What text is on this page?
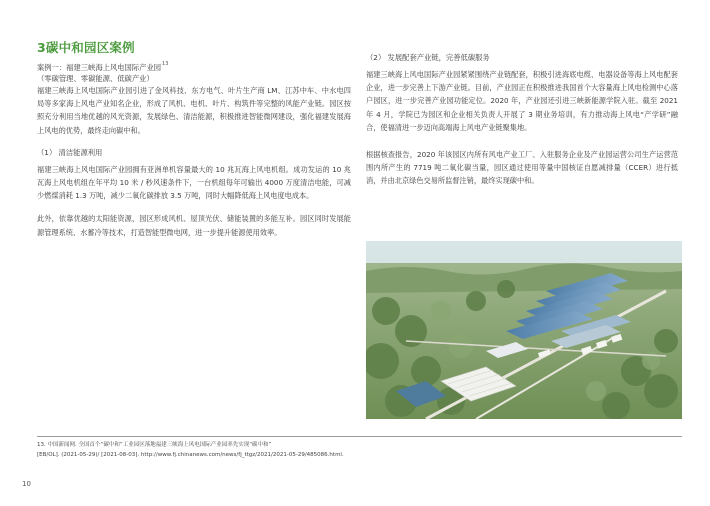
3碳中和园区案例

案例一：福建三峡海上风电国际产业园$^{13}$

（零碳管理、零碳能源、低碳产业）

福建三峡海上风电国际产业园引进了金风科技、东方电气、叶片生产商 LM、江苏中车、中水电四局等多家海上风电产业知名企业，形成了风机、电机、叶片、构筑件等完整的风能产业链。园区按照充分利用当地优越的风光资源，发展绿色、清洁能源，积极推进智能微网建设，强化福建发展海上风电的优势，最终走向碳中和。

（1） 清洁能源利用

福建三峡海上风电国际产业园拥有亚洲单机容量最大的 10 兆瓦海上风电机组。成功发运的 10 兆瓦海上风电机组在年平均 10 米 / 秒风速条件下，一台机组每年可输出 4000 万度清洁电能，可减少燃煤消耗 1.3 万吨，减少二氧化碳排放 3.5 万吨，同时大幅降低海上风电度电成本。

此外，依靠优越的太阳能资源，园区形成风机、屋顶光伏、储能装置的多能互补。园区同时发展能源管理系统、水蓄冷等技术，打造智能型微电网，进一步提升能源使用效率。

（2） 发展配套产业链，完善低碳服务

福建三峡海上风电国际产业园紧紧围绕产业链配套，积极引进海底电缆、电器设备等海上风电配套企业，进一步完善上下游产业链。目前，产业园正在积极推进我国首个大容量海上风电检测中心落户园区，进一步完善产业园功能定位。2020 年，产业园还引进三峡新能源学院入驻。截至 2021 年 4 月，学院已为园区和企业相关负责人开展了 3 期业务培训，有力推动海上风电“产学研”融合，使福清进一步迈向高端海上风电产业链聚集地。

根据核查报告，2020 年该园区内所有风电产业工厂、入驻服务企业及产业园运营公司生产运营范围内所产生的 7719 吨二氧化碳当量，园区通过使用等量中国核证自愿减排量（CCER）进行抵消，并由北京绿色交易所监督注销，最终实现碳中和。

13. 中国新闻网. 全国首个“碳中和”工业园区落地福建三峡海上风电国际产业园率先实现“碳中和”
[EB/OL]. (2021-05-29)/ [2021-08-03]. http://www.fj.chinanews.com/news/fj_ttgz/2021/2021-05-29/485086.html.
10
